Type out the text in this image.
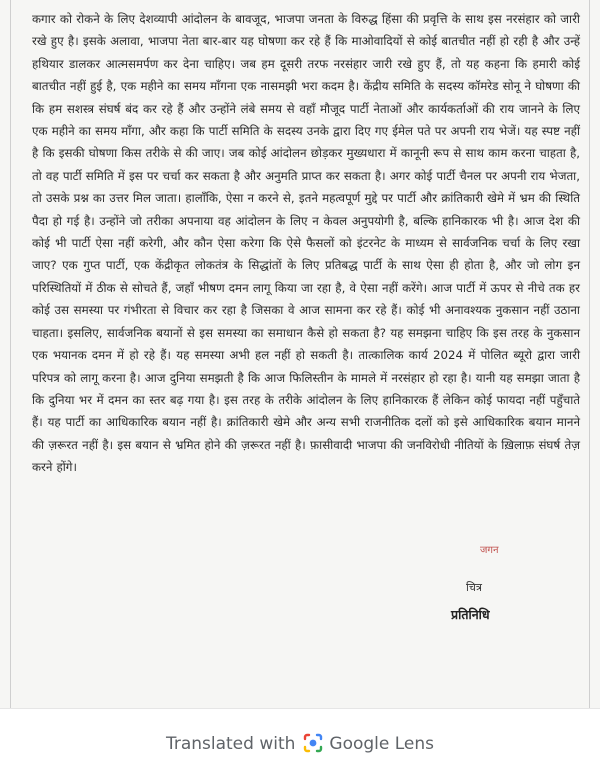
कगार को रोकने के लिए देशव्यापी आंदोलन के बावजूद, भाजपा जनता के विरुद्ध हिंसा की प्रवृत्ति के साथ इस नरसंहार को जारी रखे हुए है। इसके अलावा, भाजपा नेता बार-बार यह घोषणा कर रहे हैं कि माओवादियों से कोई बातचीत नहीं हो रही है और उन्हें हथियार डालकर आत्मसमर्पण कर देना चाहिए। जब हम दूसरी तरफ नरसंहार जारी रखे हुए हैं, तो यह कहना कि हमारी कोई बातचीत नहीं हुई है, एक महीने का समय माँगना एक नासमझी भरा कदम है। केंद्रीय समिति के सदस्य कॉमरेड सोनू ने घोषणा की कि हम सशस्त्र संघर्ष बंद कर रहे हैं और उन्होंने लंबे समय से वहाँ मौजूद पार्टी नेताओं और कार्यकर्ताओं की राय जानने के लिए एक महीने का समय माँगा, और कहा कि पार्टी समिति के सदस्य उनके द्वारा दिए गए ईमेल पते पर अपनी राय भेजें। यह स्पष्ट नहीं है कि इसकी घोषणा किस तरीके से की जाए। जब कोई आंदोलन छोड़कर मुख्यधारा में कानूनी रूप से साथ काम करना चाहता है, तो वह पार्टी समिति में इस पर चर्चा कर सकता है और अनुमति प्राप्त कर सकता है। अगर कोई पार्टी चैनल पर अपनी राय भेजता, तो उसके प्रश्न का उत्तर मिल जाता। हालाँकि, ऐसा न करने से, इतने महत्वपूर्ण मुद्दे पर पार्टी और क्रांतिकारी खेमे में भ्रम की स्थिति पैदा हो गई है। उन्होंने जो तरीका अपनाया वह आंदोलन के लिए न केवल अनुपयोगी है, बल्कि हानिकारक भी है। आज देश की कोई भी पार्टी ऐसा नहीं करेगी, और कौन ऐसा करेगा कि ऐसे फैसलों को इंटरनेट के माध्यम से सार्वजनिक चर्चा के लिए रखा जाए? एक गुप्त पार्टी, एक केंद्रीकृत लोकतंत्र के सिद्धांतों के लिए प्रतिबद्ध पार्टी के साथ ऐसा ही होता है, और जो लोग इन परिस्थितियों में ठीक से सोचते हैं, जहाँ भीषण दमन लागू किया जा रहा है, वे ऐसा नहीं करेंगे। आज पार्टी में ऊपर से नीचे तक हर कोई उस समस्या पर गंभीरता से विचार कर रहा है जिसका वे आज सामना कर रहे हैं। कोई भी अनावश्यक नुकसान नहीं उठाना चाहता। इसलिए, सार्वजनिक बयानों से इस समस्या का समाधान कैसे हो सकता है? यह समझना चाहिए कि इस तरह के नुकसान एक भयानक दमन में हो रहे हैं। यह समस्या अभी हल नहीं हो सकती है। तात्कालिक कार्य 2024 में पोलित ब्यूरो द्वारा जारी परिपत्र को लागू करना है। आज दुनिया समझती है कि आज फिलिस्तीन के मामले में नरसंहार हो रहा है। यानी यह समझा जाता है कि दुनिया भर में दमन का स्तर बढ़ गया है। इस तरह के तरीके आंदोलन के लिए हानिकारक हैं लेकिन कोई फायदा नहीं पहुँचाते हैं। यह पार्टी का आधिकारिक बयान नहीं है। क्रांतिकारी खेमे और अन्य सभी राजनीतिक दलों को इसे आधिकारिक बयान मानने की ज़रूरत नहीं है। इस बयान से भ्रमित होने की ज़रूरत नहीं है। फ़ासीवादी भाजपा की जनविरोधी नीतियों के ख़िलाफ़ संघर्ष तेज़ करने होंगे।

जगन
चित्र
प्रतिनिधि
Translated with Google Lens
